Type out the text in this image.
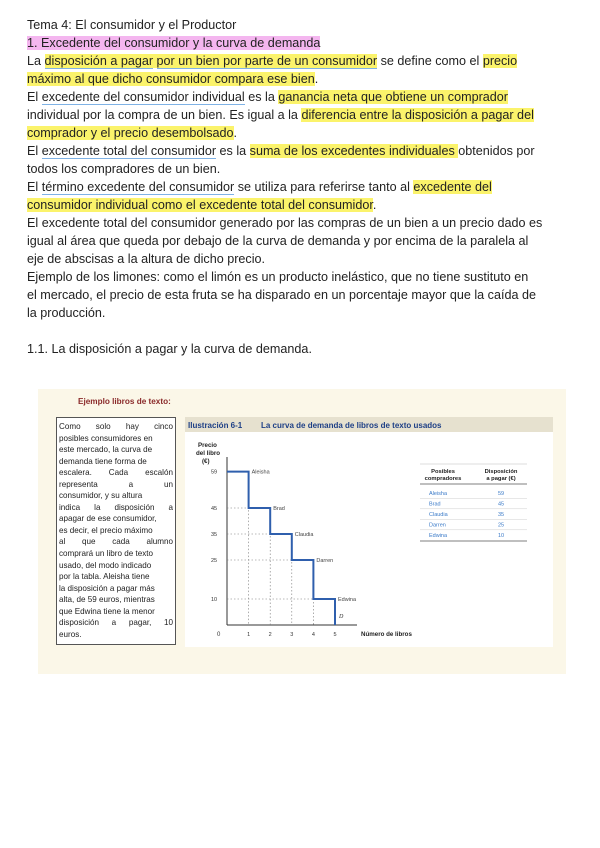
Tema 4: El consumidor y el Productor
1. Excedente del consumidor y la curva de demanda
La disposición a pagar por un bien por parte de un consumidor se define como el precio
máximo al que dicho consumidor compara ese bien.
El excedente del consumidor individual es la ganancia neta que obtiene un comprador
individual por la compra de un bien. Es igual a la diferencia entre la disposición a pagar del
comprador y el precio desembolsado.
El excedente total del consumidor es la suma de los excedentes individuales obtenidos por
todos los compradores de un bien.
El término excedente del consumidor se utiliza para referirse tanto al excedente del
consumidor individual como el excedente total del consumidor.
El excedente total del consumidor generado por las compras de un bien a un precio dado es
igual al área que queda por debajo de la curva de demanda y por encima de la paralela al
eje de abscisas a la altura de dicho precio.
Ejemplo de los limones: como el limón es un producto inelástico, que no tiene sustituto en
el mercado, el precio de esta fruta se ha disparado en un porcentaje mayor que la caída de
la producción.
1.1. La disposición a pagar y la curva de demanda.
Ejemplo libros de texto:
Como solo hay cinco
posibles consumidores en
este mercado, la curva de
demanda tiene forma de
escalera. Cada escalón
representa	a	un
consumidor, y su altura
indica la disposición a
apagar de ese consumidor,
es decir, el precio máximo
al que cada alumno
comprará un libro de texto
usado, del modo indicado
por la tabla. Aleisha tiene
la disposición a pagar más
alta, de 59 euros, mientras
que Edwina tiene la menor
disposición a pagar, 10
euros.
Ilustración 6-1 La curva de demanda de libros de texto usados
Precio
del libro
(€)
Número de libros
0
59
45
35
25
10
1	2	3	4	5
Aleisha
Brad
Claudia
Darren
Edwina
D
Posibles
compradores
Disposición
a pagar (€)
Aleisha	59
Brad	45
Claudia	35
Darren	25
Edwina	10
